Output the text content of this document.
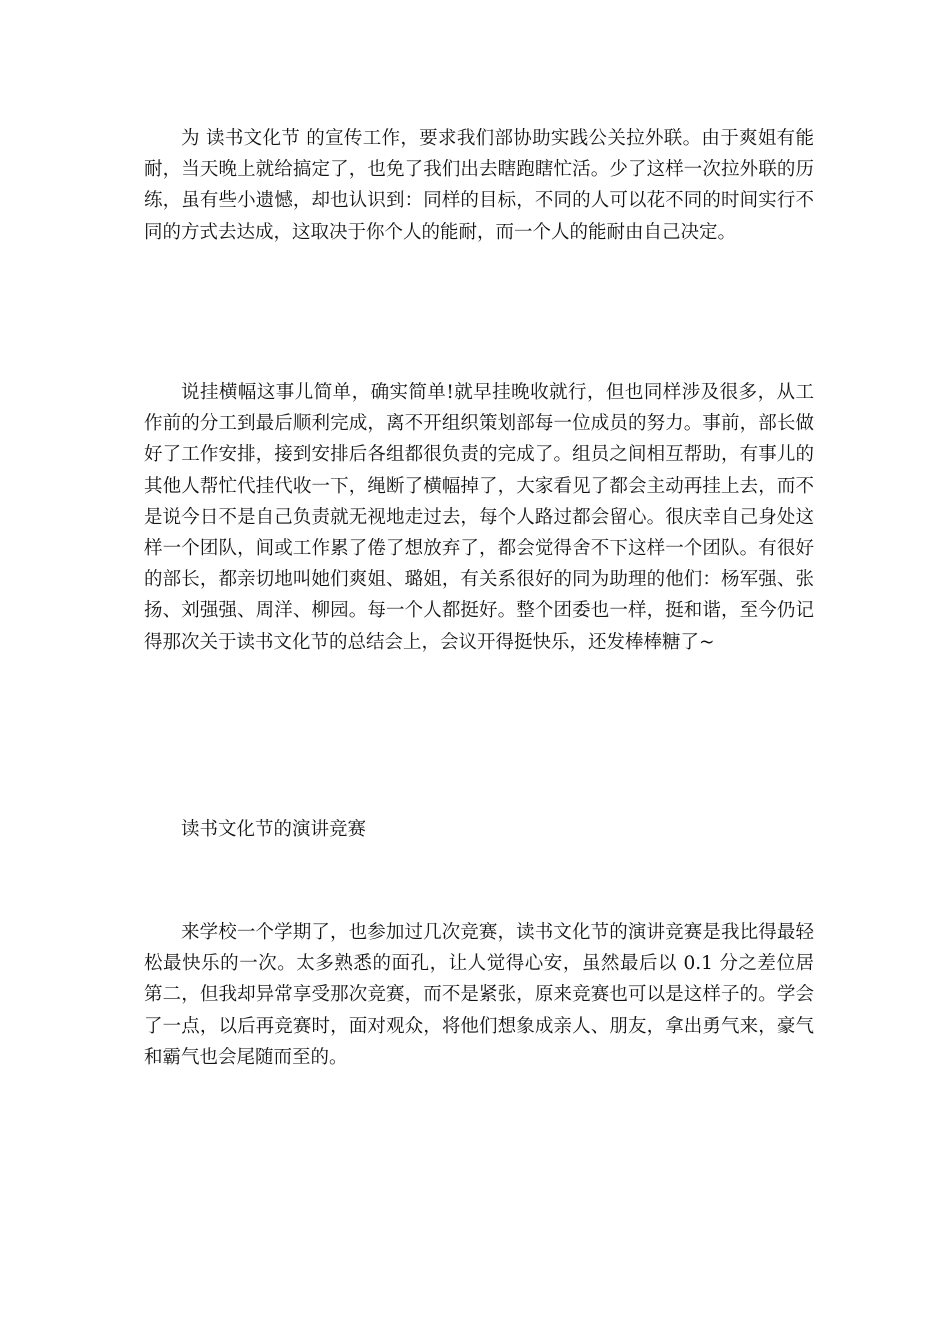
为 读书文化节 的宣传工作，要求我们部协助实践公关拉外联。由于爽姐有能耐，当天晚上就给搞定了，也免了我们出去瞎跑瞎忙活。少了这样一次拉外联的历练，虽有些小遗憾，却也认识到：同样的目标，不同的人可以花不同的时间实行不同的方式去达成，这取决于你个人的能耐，而一个人的能耐由自己决定。

说挂横幅这事儿简单，确实简单!就早挂晚收就行，但也同样涉及很多，从工作前的分工到最后顺利完成，离不开组织策划部每一位成员的努力。事前，部长做好了工作安排，接到安排后各组都很负责的完成了。组员之间相互帮助，有事儿的其他人帮忙代挂代收一下，绳断了横幅掉了，大家看见了都会主动再挂上去，而不是说今日不是自己负责就无视地走过去，每个人路过都会留心。很庆幸自己身处这样一个团队，间或工作累了倦了想放弃了，都会觉得舍不下这样一个团队。有很好的部长，都亲切地叫她们爽姐、璐姐，有关系很好的同为助理的他们：杨军强、张扬、刘强强、周洋、柳园。每一个人都挺好。整个团委也一样，挺和谐，至今仍记得那次关于读书文化节的总结会上，会议开得挺快乐，还发棒棒糖了~

读书文化节的演讲竞赛

来学校一个学期了，也参加过几次竞赛，读书文化节的演讲竞赛是我比得最轻松最快乐的一次。太多熟悉的面孔，让人觉得心安，虽然最后以 0.1 分之差位居第二，但我却异常享受那次竞赛，而不是紧张，原来竞赛也可以是这样子的。学会了一点，以后再竞赛时，面对观众，将他们想象成亲人、朋友，拿出勇气来，豪气和霸气也会尾随而至的。
